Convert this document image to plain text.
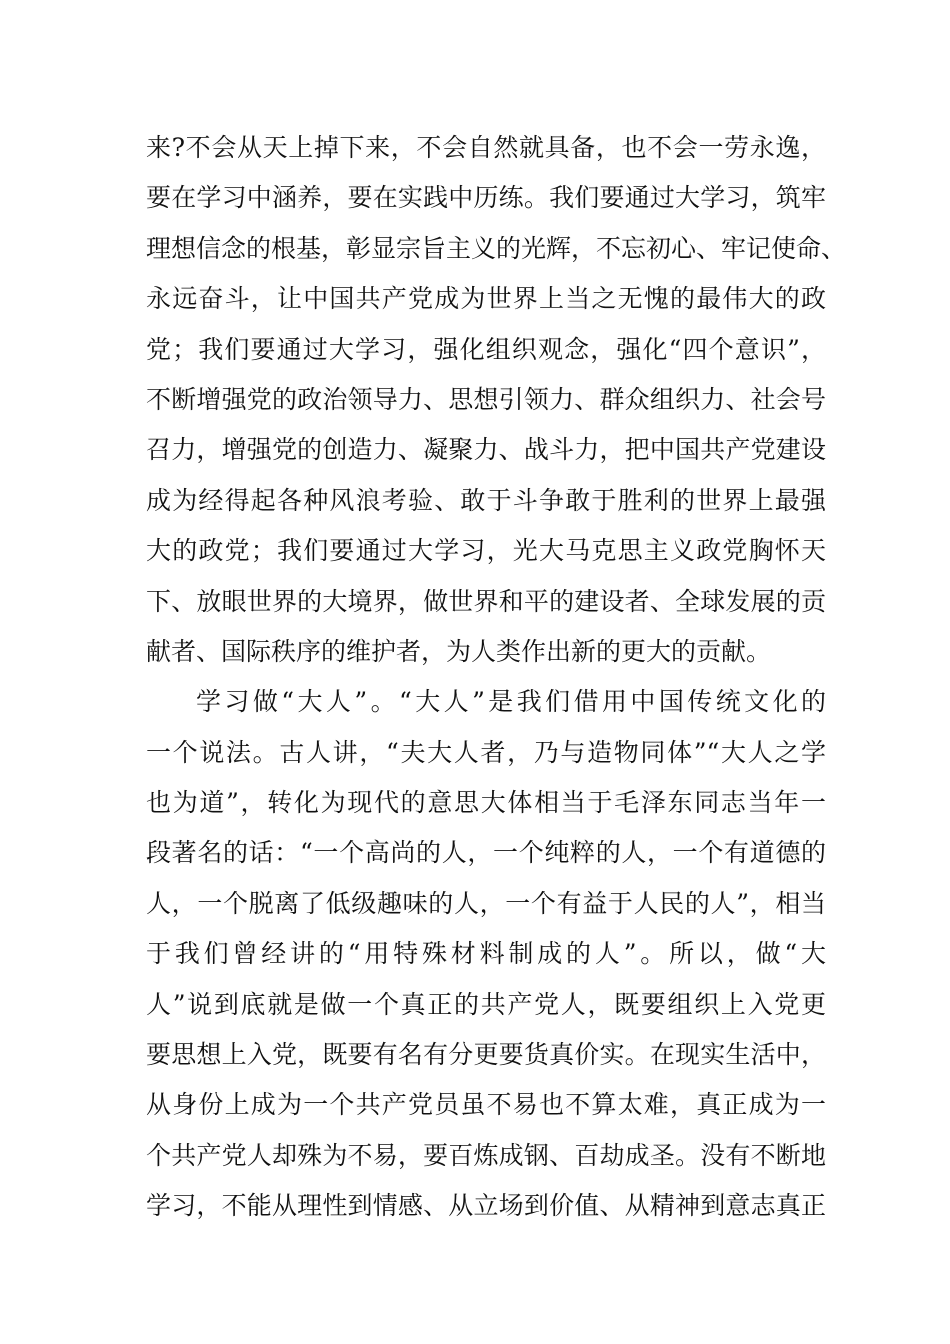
来?不会从天上掉下来，不会自然就具备，也不会一劳永逸，
要在学习中涵养，要在实践中历练。我们要通过大学习，筑牢
理想信念的根基，彰显宗旨主义的光辉，不忘初心、牢记使命、
永远奋斗，让中国共产党成为世界上当之无愧的最伟大的政
党；我们要通过大学习，强化组织观念，强化“四个意识”，
不断增强党的政治领导力、思想引领力、群众组织力、社会号
召力，增强党的创造力、凝聚力、战斗力，把中国共产党建设
成为经得起各种风浪考验、敢于斗争敢于胜利的世界上最强
大的政党；我们要通过大学习，光大马克思主义政党胸怀天
下、放眼世界的大境界，做世界和平的建设者、全球发展的贡
献者、国际秩序的维护者，为人类作出新的更大的贡献。
学习做“大人”。“大人”是我们借用中国传统文化的
一个说法。古人讲，“夫大人者，乃与造物同体”“大人之学
也为道”，转化为现代的意思大体相当于毛泽东同志当年一
段著名的话：“一个高尚的人，一个纯粹的人，一个有道德的
人，一个脱离了低级趣味的人，一个有益于人民的人”，相当
于我们曾经讲的“用特殊材料制成的人”。所以，做“大
人”说到底就是做一个真正的共产党人，既要组织上入党更
要思想上入党，既要有名有分更要货真价实。在现实生活中，
从身份上成为一个共产党员虽不易也不算太难，真正成为一
个共产党人却殊为不易，要百炼成钢、百劫成圣。没有不断地
学习，不能从理性到情感、从立场到价值、从精神到意志真正
